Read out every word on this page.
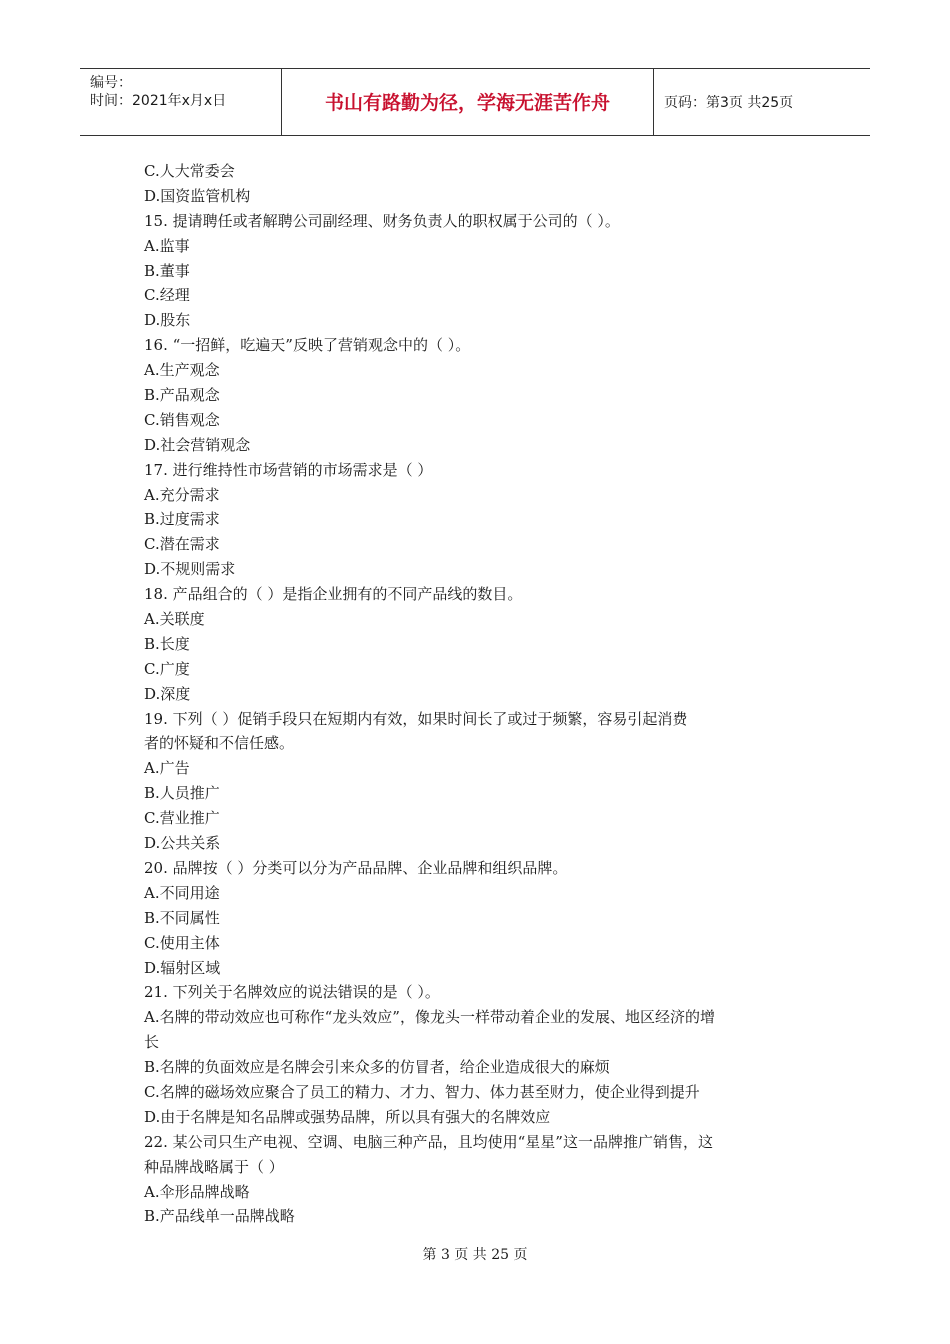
编号：
时间：2021年x月x日	书山有路勤为径，学海无涯苦作舟	页码：第3页 共25页
C.人大常委会
D.国资监管机构
15. 提请聘任或者解聘公司副经理、财务负责人的职权属于公司的（ ）。
A.监事
B.董事
C.经理
D.股东
16. “一招鲜，吃遍天”反映了营销观念中的（ ）。
A.生产观念
B.产品观念
C.销售观念
D.社会营销观念
17. 进行维持性市场营销的市场需求是（ ）
A.充分需求
B.过度需求
C.潜在需求
D.不规则需求
18. 产品组合的（ ）是指企业拥有的不同产品线的数目。
A.关联度
B.长度
C.广度
D.深度
19. 下列（ ）促销手段只在短期内有效，如果时间长了或过于频繁，容易引起消费
者的怀疑和不信任感。
A.广告
B.人员推广
C.营业推广
D.公共关系
20. 品牌按（ ）分类可以分为产品品牌、企业品牌和组织品牌。
A.不同用途
B.不同属性
C.使用主体
D.辐射区域
21. 下列关于名牌效应的说法错误的是（ ）。
A.名牌的带动效应也可称作“龙头效应”，像龙头一样带动着企业的发展、地区经济的增
长
B.名牌的负面效应是名牌会引来众多的仿冒者，给企业造成很大的麻烦
C.名牌的磁场效应聚合了员工的精力、才力、智力、体力甚至财力，使企业得到提升
D.由于名牌是知名品牌或强势品牌，所以具有强大的名牌效应
22. 某公司只生产电视、空调、电脑三种产品，且均使用“星星”这一品牌推广销售，这
种品牌战略属于（ ）
A.伞形品牌战略
B.产品线单一品牌战略
第 3 页 共 25 页
